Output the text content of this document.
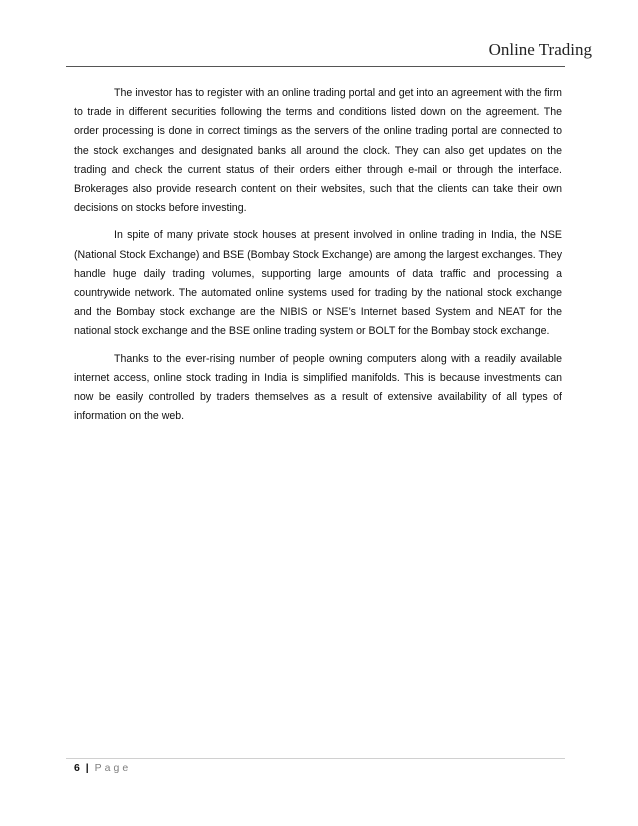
Online Trading

The investor has to register with an online trading portal and get into an agreement with the firm to trade in different securities following the terms and conditions listed down on the agreement. The order processing is done in correct timings as the servers of the online trading portal are connected to the stock exchanges and designated banks all around the clock. They can also get updates on the trading and check the current status of their orders either through e-mail or through the interface. Brokerages also provide research content on their websites, such that the clients can take their own decisions on stocks before investing.

In spite of many private stock houses at present involved in online trading in India, the NSE (National Stock Exchange) and BSE (Bombay Stock Exchange) are among the largest exchanges. They handle huge daily trading volumes, supporting large amounts of data traffic and processing a countrywide network. The automated online systems used for trading by the national stock exchange and the Bombay stock exchange are the NIBIS or NSE’s Internet based System and NEAT for the national stock exchange and the BSE online trading system or BOLT for the Bombay stock exchange.

Thanks to the ever-rising number of people owning computers along with a readily available internet access, online stock trading in India is simplified manifolds. This is because investments can now be easily controlled by traders themselves as a result of extensive availability of all types of information on the web.

6 | Page
